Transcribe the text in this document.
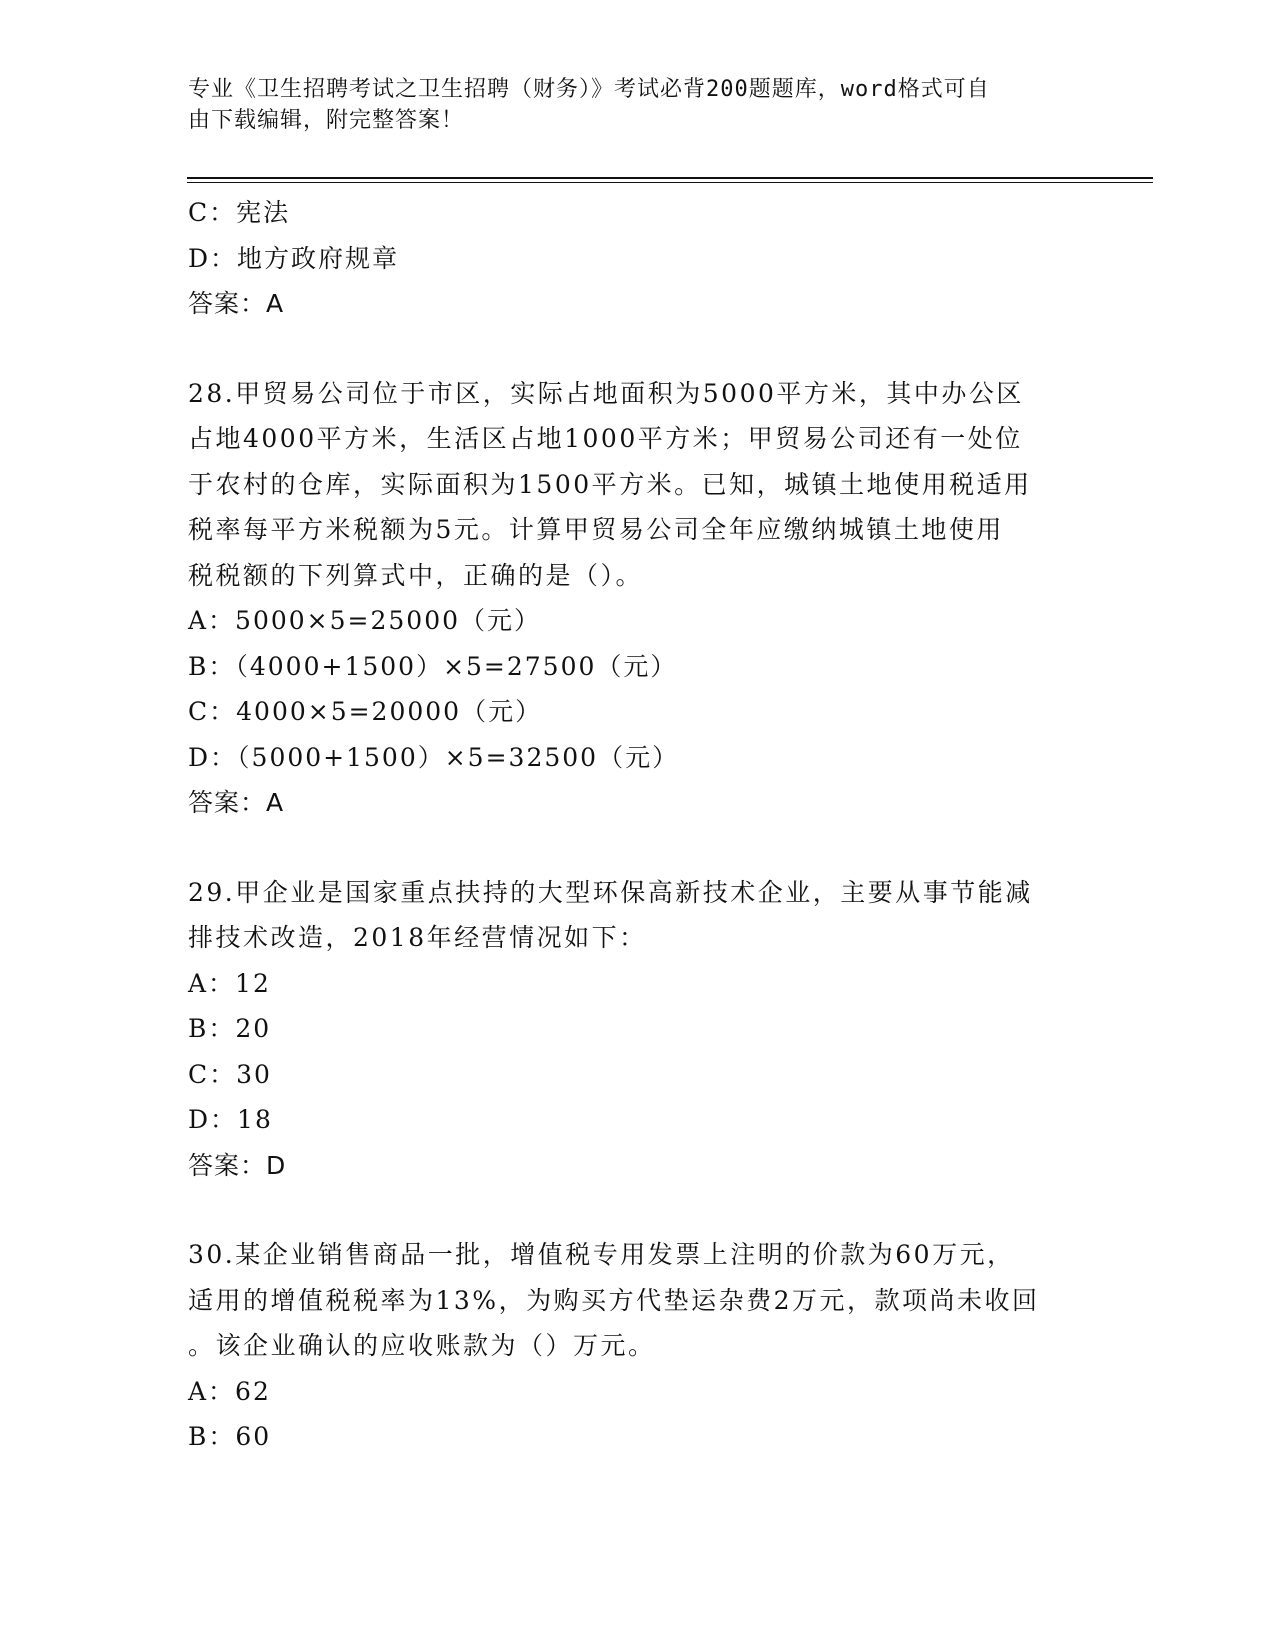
专业《卫生招聘考试之卫生招聘（财务）》考试必背200题题库，word格式可自
由下载编辑，附完整答案！
C：宪法
D：地方政府规章
答案：A
28.甲贸易公司位于市区，实际占地面积为5000平方米，其中办公区
占地4000平方米，生活区占地1000平方米；甲贸易公司还有一处位
于农村的仓库，实际面积为1500平方米。已知，城镇土地使用税适用
税率每平方米税额为5元。计算甲贸易公司全年应缴纳城镇土地使用
税税额的下列算式中，正确的是（）。
A：5000×5=25000（元）
B：（4000+1500）×5=27500（元）
C：4000×5=20000（元）
D：（5000+1500）×5=32500（元）
答案：A
29.甲企业是国家重点扶持的大型环保高新技术企业，主要从事节能减
排技术改造，2018年经营情况如下：
A：12
B：20
C：30
D：18
答案：D
30.某企业销售商品一批，增值税专用发票上注明的价款为60万元，
适用的增值税税率为13%，为购买方代垫运杂费2万元，款项尚未收回
。该企业确认的应收账款为（）万元。
A：62
B：60
